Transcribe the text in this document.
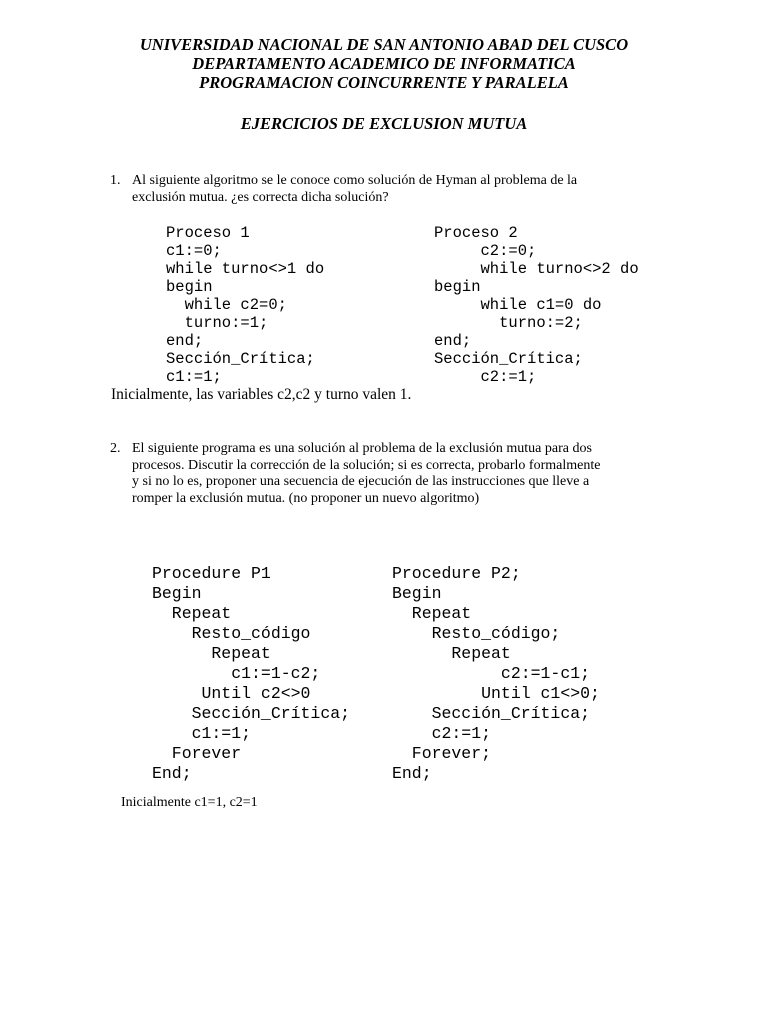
UNIVERSIDAD NACIONAL DE SAN ANTONIO ABAD DEL CUSCO
DEPARTAMENTO ACADEMICO DE INFORMATICA
PROGRAMACION COINCURRENTE Y PARALELA
EJERCICIOS DE EXCLUSION MUTUA
1. Al siguiente algoritmo se le conoce como solución de Hyman al problema de la
exclusión mutua. ¿es correcta dicha solución?
Proceso 1
c1:=0;
while turno<>1 do
begin
while c2=0;
turno:=1;
end;
Sección_Crítica;
c1:=1;
Proceso 2
c2:=0;
while turno<>2 do
begin
while c1=0 do
turno:=2;
end;
Sección_Crítica;
c2:=1;
Inicialmente, las variables c2,c2 y turno valen 1.
2. El siguiente programa es una solución al problema de la exclusión mutua para dos
procesos. Discutir la corrección de la solución; si es correcta, probarlo formalmente
y si no lo es, proponer una secuencia de ejecución de las instrucciones que lleve a
romper la exclusión mutua. (no proponer un nuevo algoritmo)
Procedure P1
Begin
Repeat
Resto_código
Repeat
c1:=1-c2;
Until c2<>0
Sección_Crítica;
c1:=1;
Forever
End;
Procedure P2;
Begin
Repeat
Resto_código;
Repeat
c2:=1-c1;
Until c1<>0;
Sección_Crítica;
c2:=1;
Forever;
End;
Inicialmente c1=1, c2=1
